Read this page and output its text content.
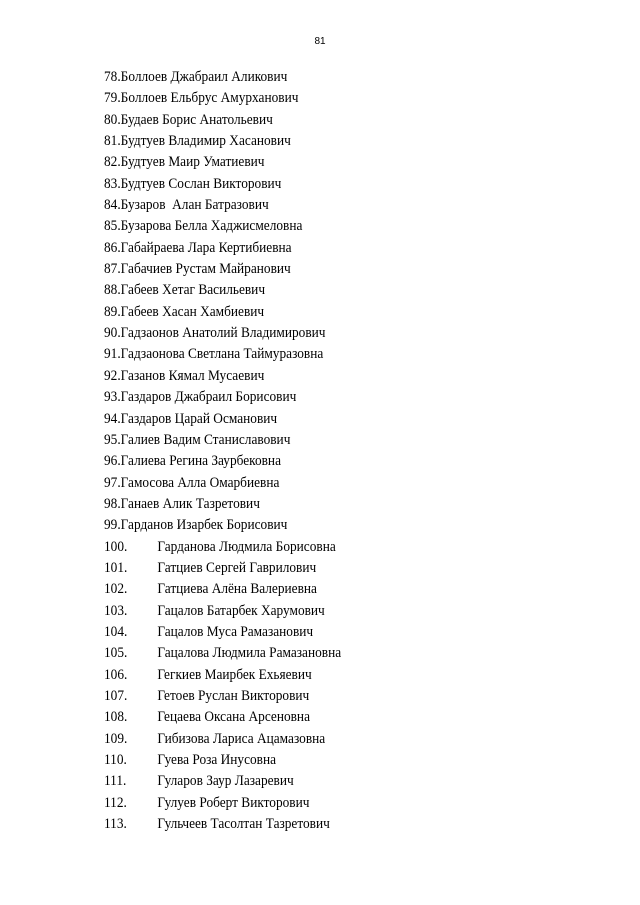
81
78.Боллоев Джабраил Аликович
79.Боллоев Ельбрус Амурханович
80.Будаев Борис Анатольевич
81.Будтуев Владимир Хасанович
82.Будтуев Маир Уматиевич
83.Будтуев Сослан Викторович
84.Бузаров  Алан Батразович
85.Бузарова Белла Хаджисмеловна
86.Габайраева Лара Кертибиевна
87.Габачиев Рустам Майранович
88.Габеев Хетаг Васильевич
89.Габеев Хасан Хамбиевич
90.Гадзаонов Анатолий Владимирович
91.Гадзаонова Светлана Таймуразовна
92.Газанов Кямал Мусаевич
93.Газдаров Джабраил Борисович
94.Газдаров Царай Османович
95.Галиев Вадим Станиславович
96.Галиева Регина Заурбековна
97.Гамосова Алла Омарбиевна
98.Ганаев Алик Тазретович
99.Гарданов Изарбек Борисович
100. Гарданова Людмила Борисовна
101. Гатциев Сергей Гаврилович
102. Гатциева Алёна Валериевна
103. Гацалов Батарбек Харумович
104. Гацалов Муса Рамазанович
105. Гацалова Людмила Рамазановна
106. Гегкиев Маирбек Ехьяевич
107. Гетоев Руслан Викторович
108. Гецаева Оксана Арсеновна
109. Гибизова Лариса Ацамазовна
110. Гуева Роза Инусовна
111. Гуларов Заур Лазаревич
112. Гулуев Роберт Викторович
113. Гульчеев Тасолтан Тазретович
